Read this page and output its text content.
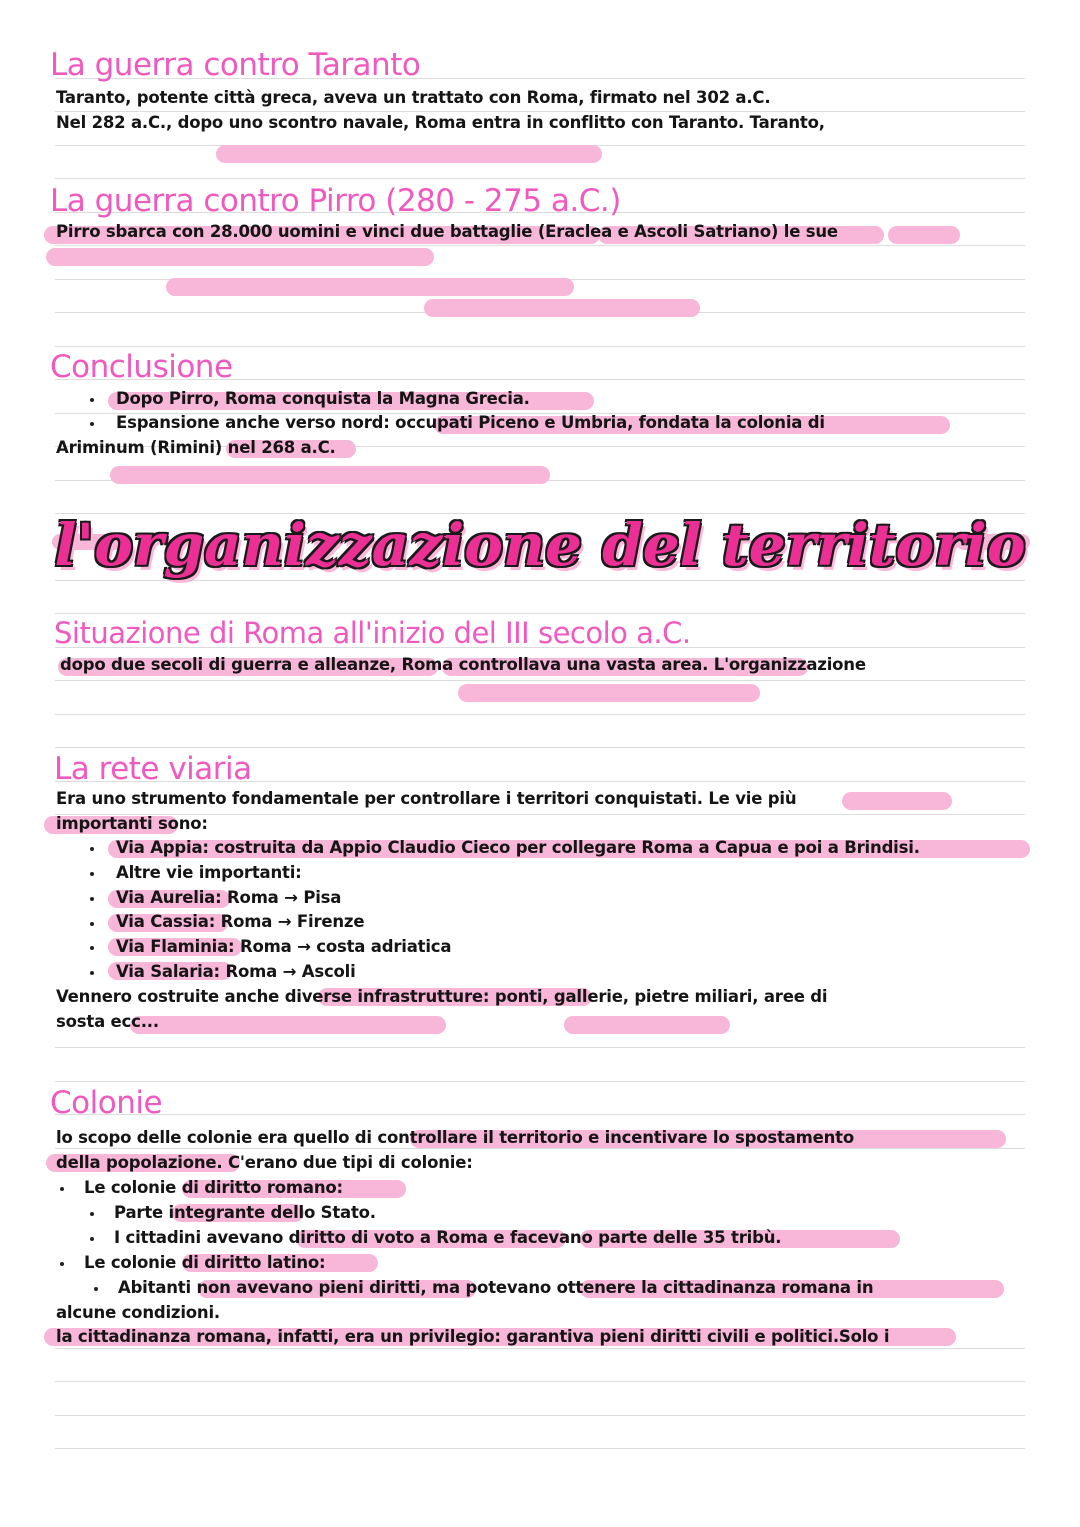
La guerra contro Taranto
Taranto, potente città greca, aveva un trattato con Roma, firmato nel 302 a.C.
Nel 282 a.C., dopo uno scontro navale, Roma entra in conflitto con Taranto. Taranto,
La guerra contro Pirro (280 - 275 a.C.)
Pirro sbarca con 28.000 uomini e vinci due battaglie (Eraclea e Ascoli Satriano) le sue
Conclusione
Dopo Pirro, Roma conquista la Magna Grecia.
Espansione anche verso nord: occupati Piceno e Umbria, fondata la colonia di
Ariminum (Rimini) nel 268 a.C.
l'organizzazione del territorio
Situazione di Roma all'inizio del III secolo a.C.
dopo due secoli di guerra e alleanze, Roma controllava una vasta area. L'organizzazione
La rete viaria
Era uno strumento fondamentale per controllare i territori conquistati. Le vie più
importanti sono:
Via Appia: costruita da Appio Claudio Cieco per collegare Roma a Capua e poi a Brindisi.
Altre vie importanti:
Via Aurelia: Roma → Pisa
Via Cassia: Roma → Firenze
Via Flaminia: Roma → costa adriatica
Via Salaria: Roma → Ascoli
Vennero costruite anche diverse infrastrutture: ponti, gallerie, pietre miliari, aree di
sosta ecc...
Colonie
lo scopo delle colonie era quello di controllare il territorio e incentivare lo spostamento
della popolazione. C'erano due tipi di colonie:
Le colonie di diritto romano:
Parte integrante dello Stato.
I cittadini avevano diritto di voto a Roma e facevano parte delle 35 tribù.
Le colonie di diritto latino:
Abitanti non avevano pieni diritti, ma potevano ottenere la cittadinanza romana in
alcune condizioni.
la cittadinanza romana, infatti, era un privilegio: garantiva pieni diritti civili e politici.Solo i
